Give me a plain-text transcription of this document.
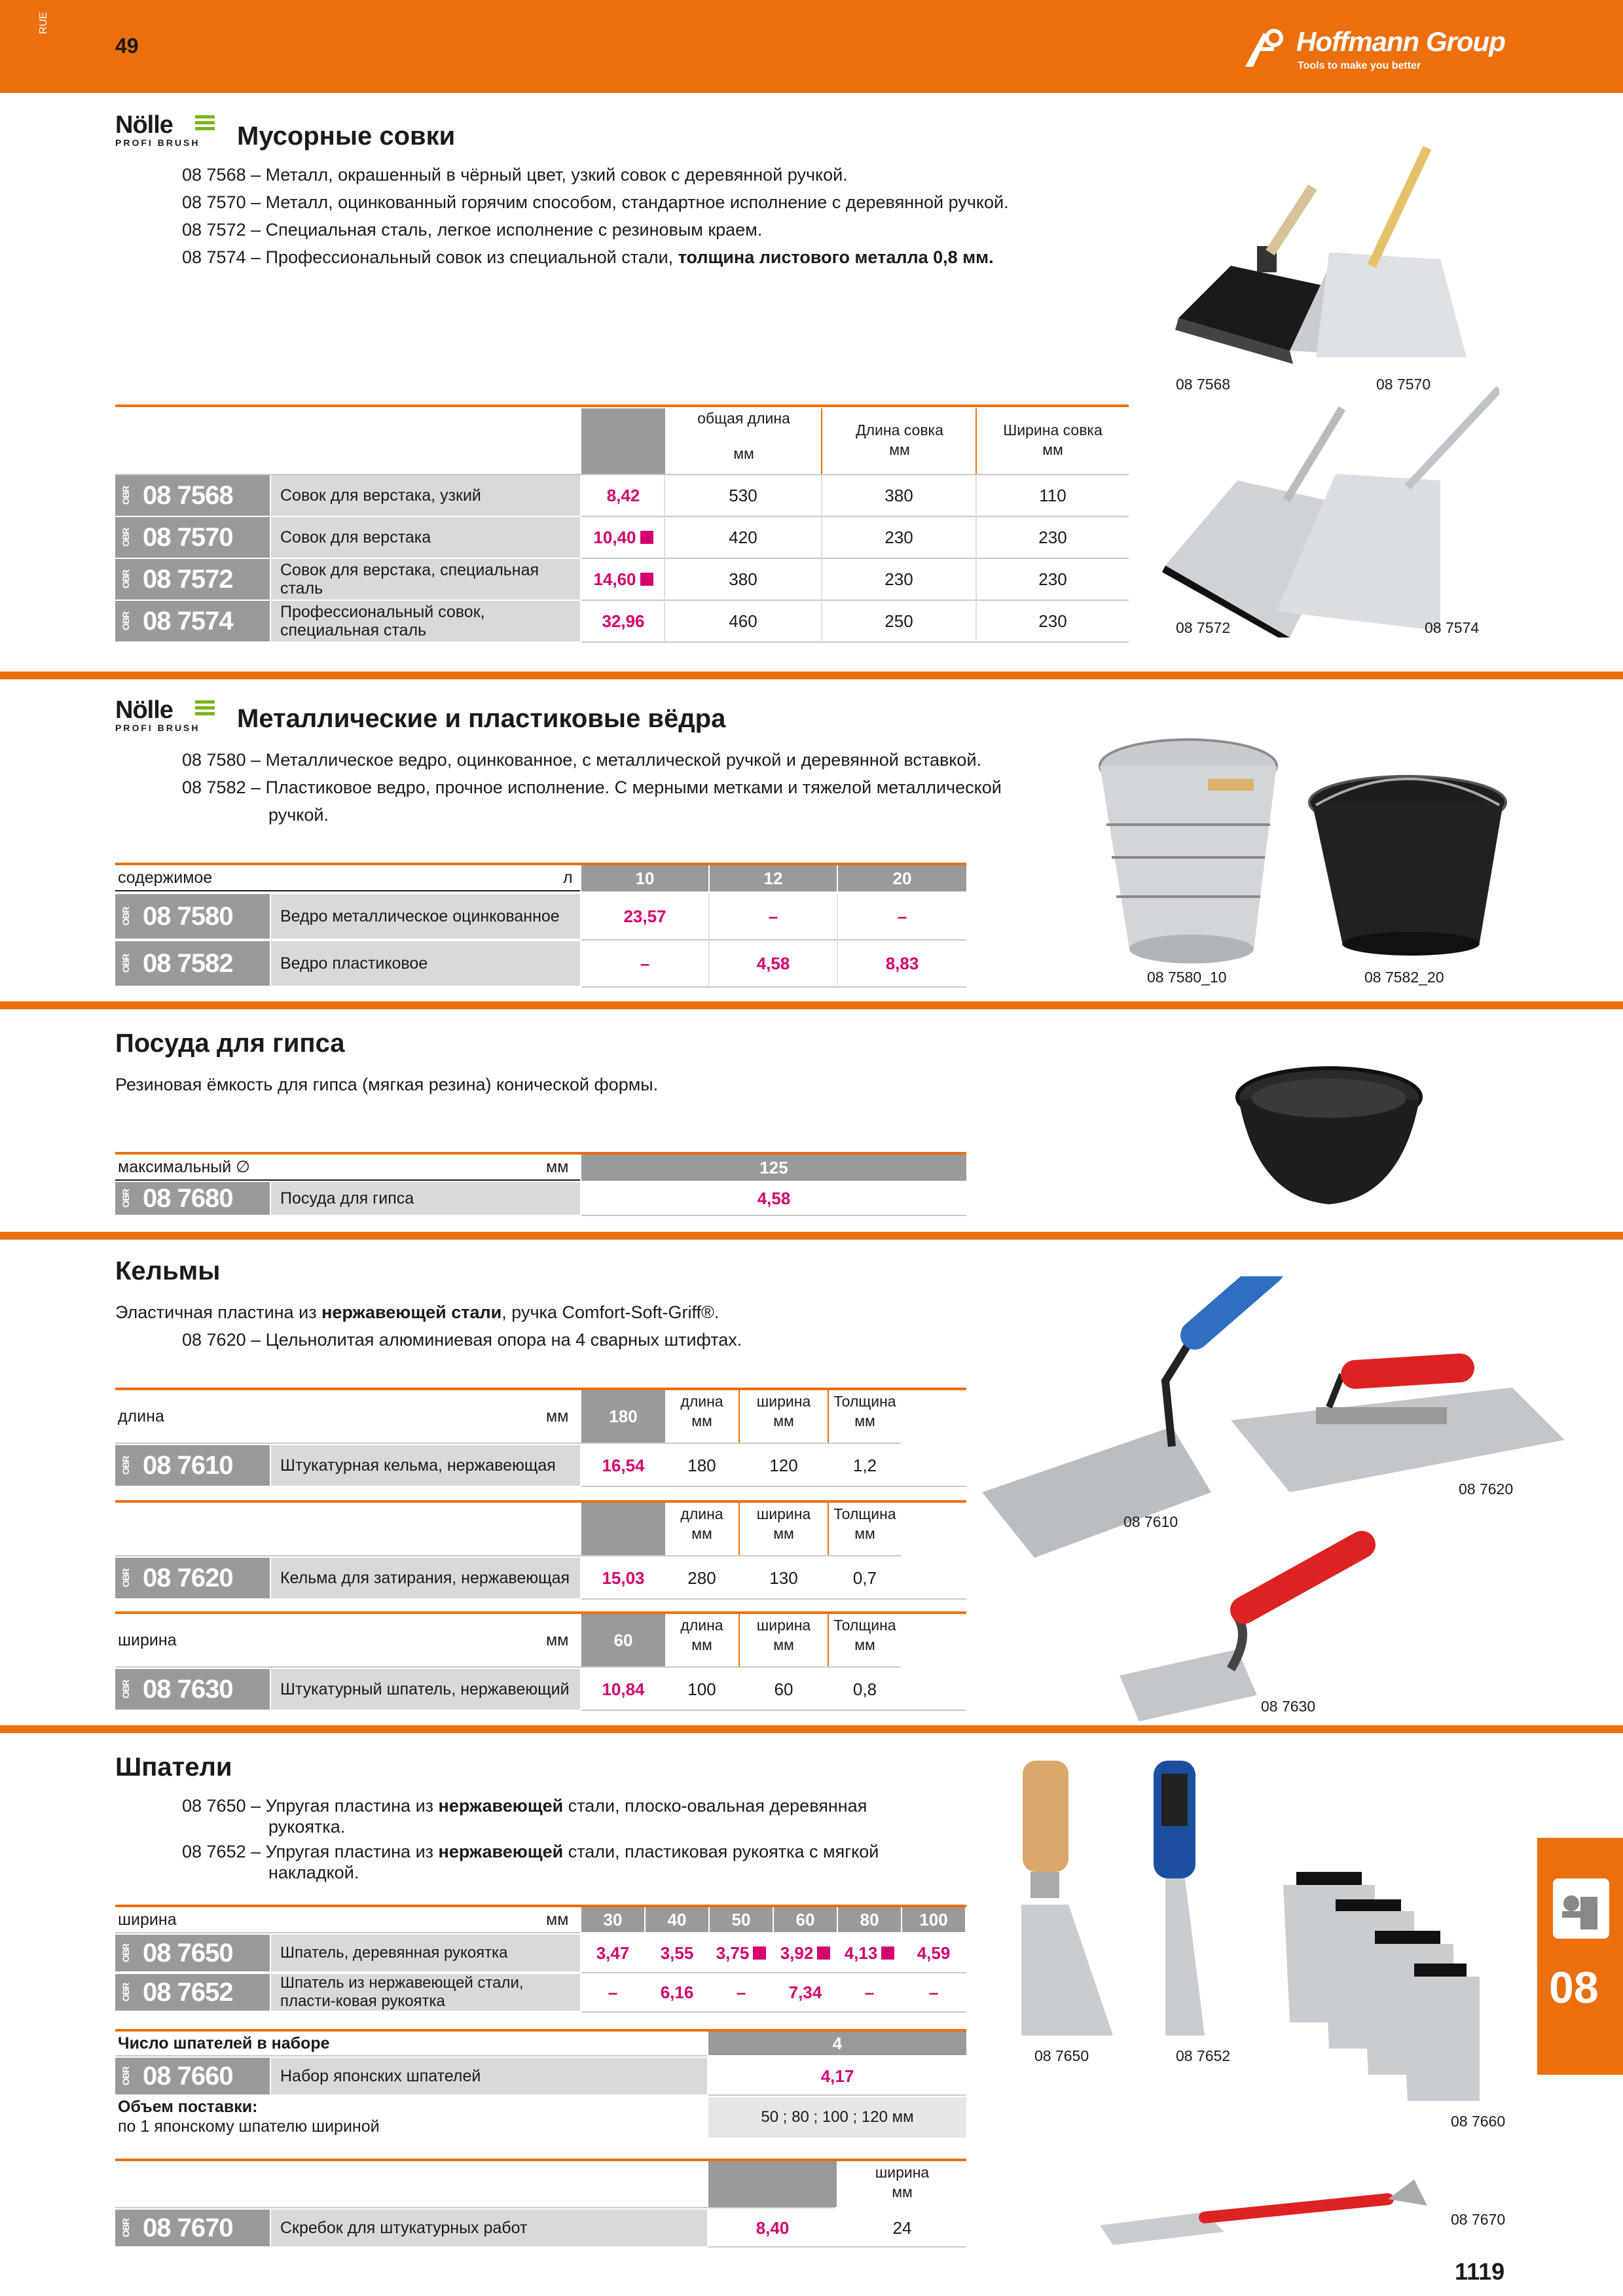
RUE
49	Hoffmann Group
Tools to make you better
Nölle
PROFI BRUSH Мусорные совки
08 7568 – Металл, окрашенный в чёрный цвет, узкий совок с деревянной ручкой.
08 7570 – Металл, оцинкованный горячим способом, стандартное исполнение с деревянной ручкой.
08 7572 – Специальная сталь, легкое исполнение с резиновым краем.
08 7574 – Профессиональный совок из специальной стали, толщина листового металла 0,8 мм.
общая длина
мм
Длина совка
мм
Ширина совка
мм
OBR 08 7568	Совок для верстака, узкий	8,42	530	380	110
OBR 08 7570	Совок для верстака	10,40	420	230	230
OBR 08 7572	Совок для верстака, специальная сталь	14,60	380	230	230
OBR 08 7574	Профессиональный совок, специальная сталь	32,96	460	250	230
08 7568	08 7570
08 7572	08 7574
Nölle
PROFI BRUSH Металлические и пластиковые вёдра
08 7580 – Металлическое ведро, оцинкованное, с металлической ручкой и деревянной вставкой.
08 7582 – Пластиковое ведро, прочное исполнение. С мерными метками и тяжелой металлической
ручкой.
содержимое	л	10	12	20
OBR 08 7580	Ведро металлическое оцинкованное	23,57	–	–
OBR 08 7582	Ведро пластиковое	–	4,58	8,83
08 7580_10	08 7582_20
Посуда для гипса
Резиновая ёмкость для гипса (мягкая резина) конической формы.
максимальный ∅	мм	125
OBR 08 7680	Посуда для гипса	4,58
Кельмы
Эластичная пластина из нержавеющей стали, ручка Comfort-Soft-Griff®.
08 7620 – Цельнолитая алюминиевая опора на 4 сварных штифтах.
длина	мм	180
длина
мм
ширина
мм
Толщина
мм
OBR 08 7610	Штукатурная кельма, нержавеющая	16,54	180	120	1,2
длина
мм
ширина
мм
Толщина
мм
OBR 08 7620	Кельма для затирания, нержавеющая	15,03	280	130	0,7
ширина	мм	60
длина
мм
ширина
мм
Толщина
мм
OBR 08 7630	Штукатурный шпатель, нержавеющий	10,84	100	60	0,8
08 7610
08 7620
08 7630
Шпатели
08 7650 – Упругая пластина из нержавеющей стали, плоско-овальная деревянная
рукоятка.
08 7652 – Упругая пластина из нержавеющей стали, пластиковая рукоятка с мягкой
накладкой.
ширина	мм	30	40	50	60	80	100
OBR 08 7650	Шпатель, деревянная рукоятка	3,47 3,55 3,75 3,92 4,13 4,59
OBR 08 7652	Шпатель из нержавеющей стали, пласти-ковая рукоятка	–	6,16	–	7,34	–	–
Число шпателей в наборе	4
OBR 08 7660	Набор японских шпателей	4,17
Объем поставки:
по 1 японскому шпателю шириной	50 ; 80 ; 100 ; 120 мм
ширина
мм
OBR 08 7670	Скребок для штукатурных работ	8,40	24
08 7650	08 7652
08 7660
08 7670
08
1119
